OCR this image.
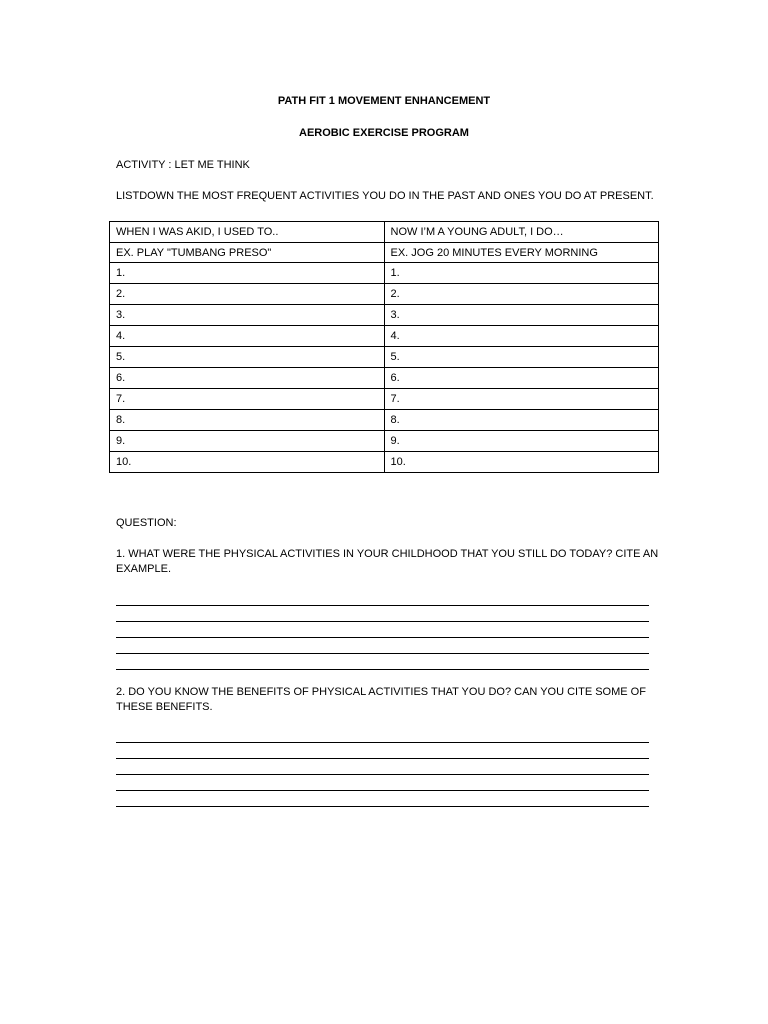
PATH FIT 1 MOVEMENT ENHANCEMENT
AEROBIC EXERCISE PROGRAM
ACTIVITY : LET ME THINK
LISTDOWN THE MOST FREQUENT ACTIVITIES YOU DO IN THE PAST AND ONES YOU DO AT PRESENT.
WHEN I WAS AKID, I USED TO..	NOW I’M A YOUNG ADULT, I DO…
EX. PLAY "TUMBANG PRESO"	EX. JOG 20 MINUTES EVERY MORNING
1.	1.
2.	2.
3.	3.
4.	4.
5.	5.
6.	6.
7.	7.
8.	8.
9.	9.
10.	10.
QUESTION:
1. WHAT WERE THE PHYSICAL ACTIVITIES IN YOUR CHILDHOOD THAT YOU STILL DO TODAY? CITE AN
EXAMPLE.
2. DO YOU KNOW THE BENEFITS OF PHYSICAL ACTIVITIES THAT YOU DO? CAN YOU CITE SOME OF
THESE BENEFITS.
